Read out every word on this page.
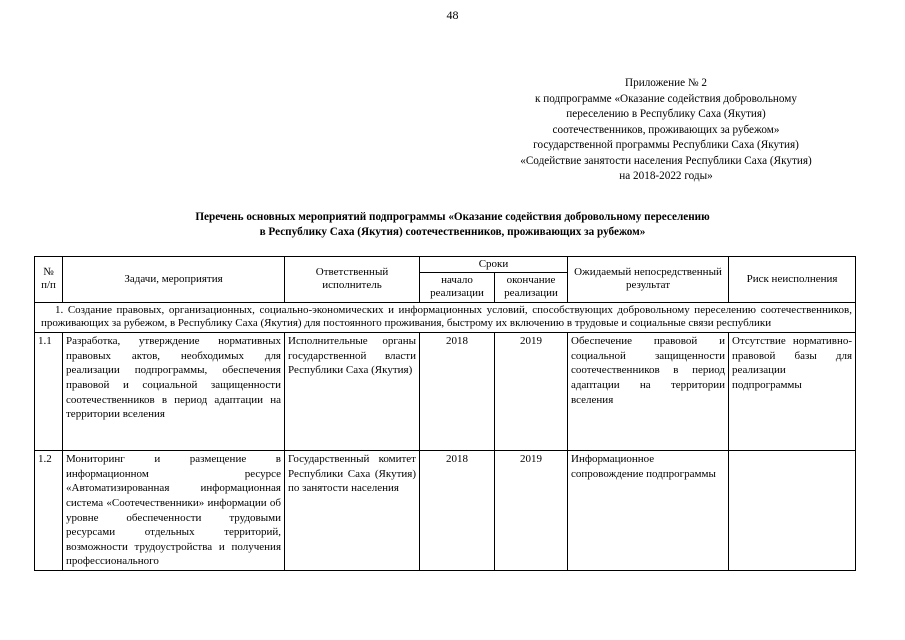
48
Приложение № 2
к подпрограмме «Оказание содействия добровольному
переселению в Республику Саха (Якутия)
соотечественников, проживающих за рубежом»
государственной программы Республики Саха (Якутия)
«Содействие занятости населения Республики Саха (Якутия)
на 2018-2022 годы»
Перечень основных мероприятий подпрограммы «Оказание содействия добровольному переселению
в Республику Саха (Якутия) соотечественников, проживающих за рубежом»
№ п/п	Задачи, мероприятия	Ответственный исполнитель	Сроки		Ожидаемый непосредственный результат	Риск неисполнения
			начало реализации	окончание реализации		
1. Создание правовых, организационных, социально-экономических и информационных условий, способствующих добровольному переселению соотечественников, проживающих за рубежом, в Республику Саха (Якутия) для постоянного проживания, быстрому их включению в трудовые и социальные связи республики						
1.1	Разработка, утверждение нормативных правовых актов, необходимых для реализации подпрограммы, обеспечения правовой и социальной защищенности соотечественников в период адаптации на территории вселения	Исполнительные органы государственной власти Республики Саха (Якутия)	2018	2019	Обеспечение правовой и социальной защищенности соотечественников в период адаптации на территории вселения	Отсутствие нормативно-правовой базы для реализации подпрограммы
1.2	Мониторинг и размещение в информационном ресурсе «Автоматизированная информационная система «Соотечественники» информации об уровне обеспеченности трудовыми ресурсами отдельных территорий, возможности трудоустройства и получения профессионального	Государственный комитет Республики Саха (Якутия) по занятости населения	2018	2019	Информационное сопровождение подпрограммы	
